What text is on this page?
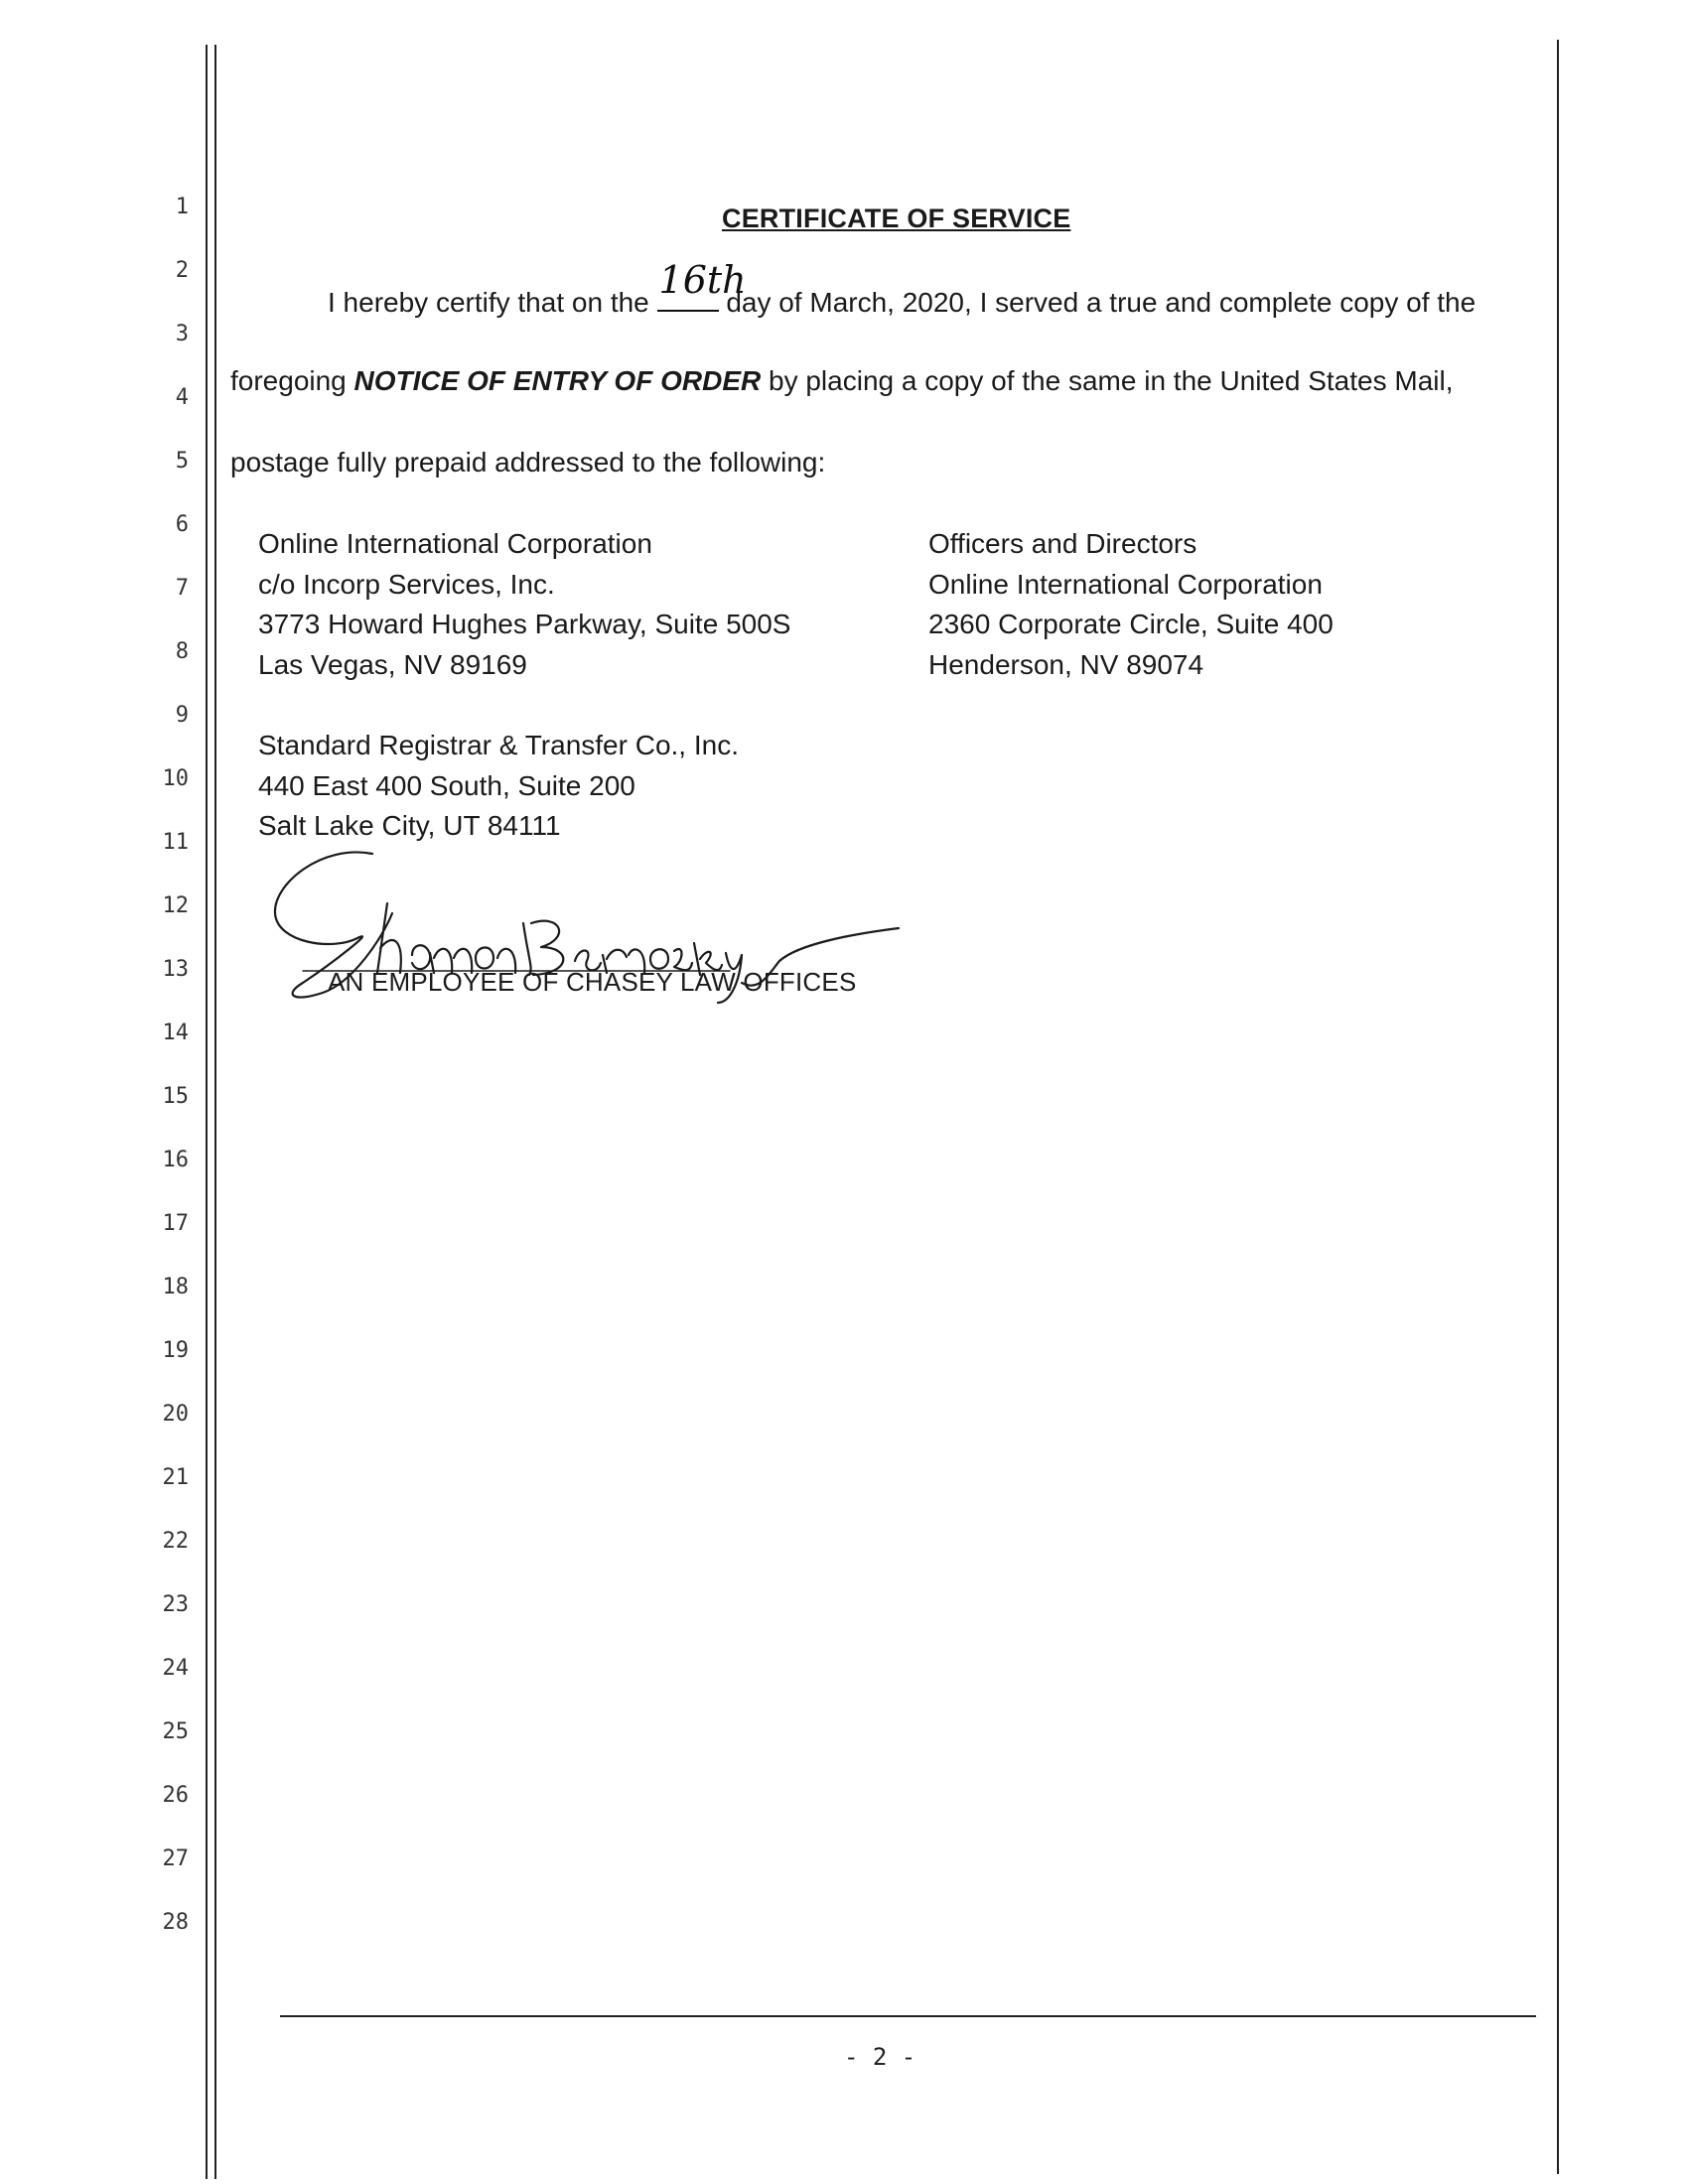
1
2
3
4
5
6
7
8
9
10
11
12
13
14
15
16
17
18
19
20
21
22
23
24
25
26
27
28
CERTIFICATE OF SERVICE
I hereby certify that on the
16th
day of March, 2020, I served a true and complete copy of the
foregoing NOTICE OF ENTRY OF ORDER by placing a copy of the same in the United States Mail,
postage fully prepaid addressed to the following:
Online International Corporation
c/o Incorp Services, Inc.
3773 Howard Hughes Parkway, Suite 500S
Las Vegas, NV 89169
Officers and Directors
Online International Corporation
2360 Corporate Circle, Suite 400
Henderson, NV 89074
Standard Registrar & Transfer Co., Inc.
440 East 400 South, Suite 200
Salt Lake City, UT 84111
AN EMPLOYEE OF CHASEY LAW OFFICES
- 2 -
